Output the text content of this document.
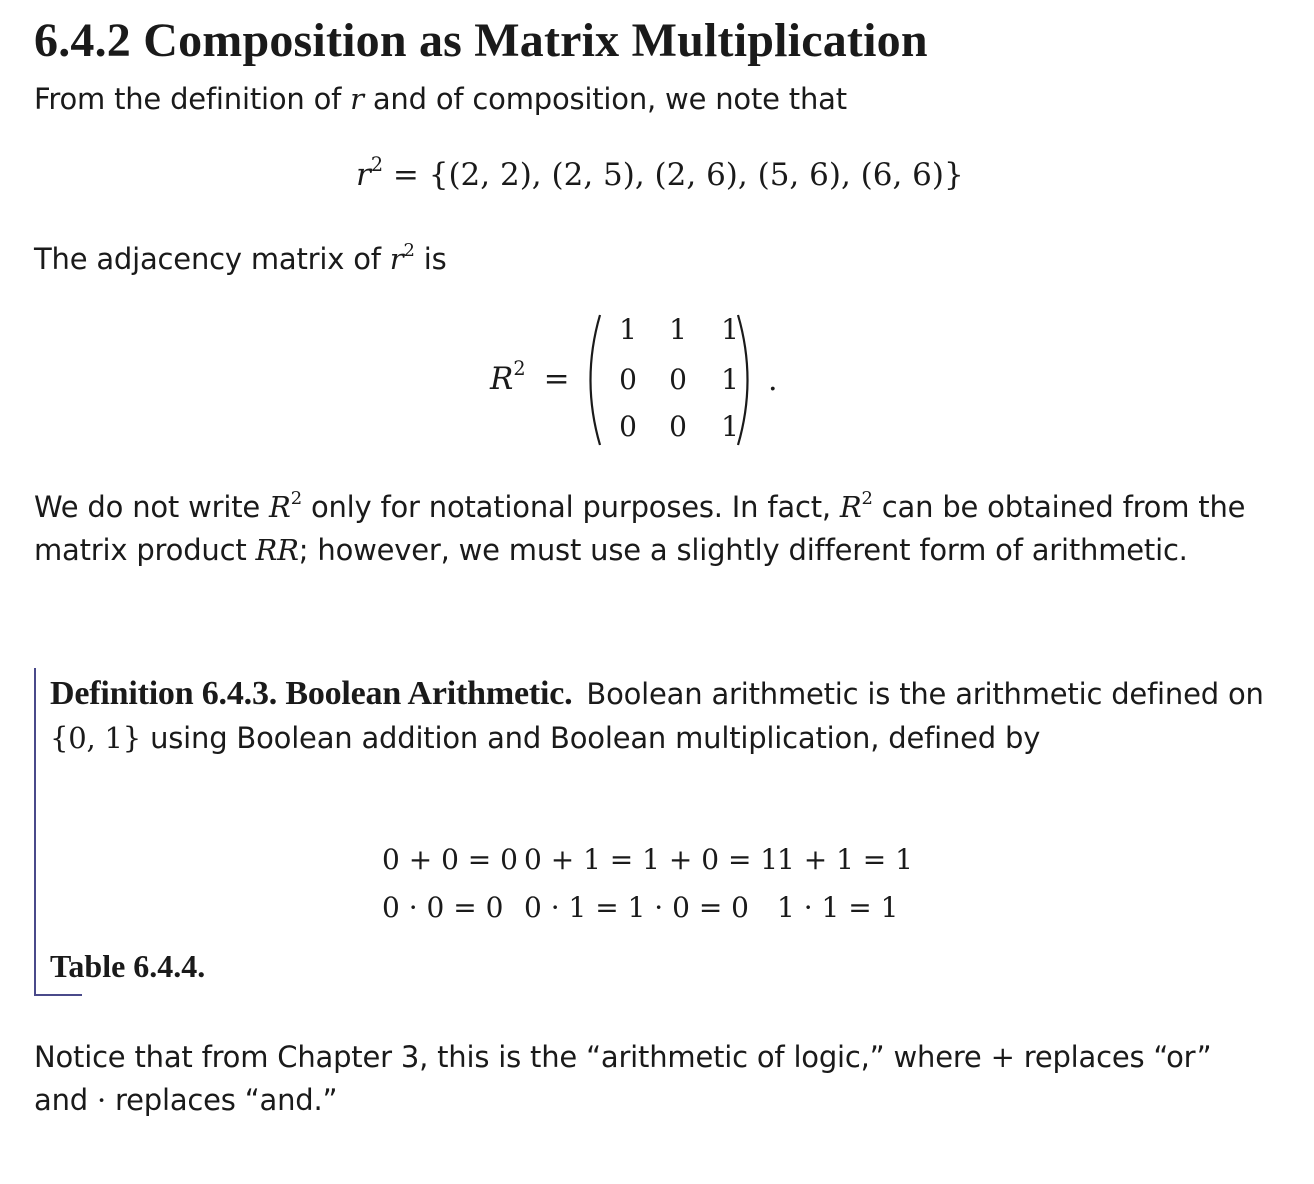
6.4.2 Composition as Matrix Multiplication

From the definition of r and of composition, we note that

$r^2 = \{(2$, 2), (2, 5), (2, 6), (5, 6), (6, 6)}

The adjacency matrix of $r^2$ is

$R^2$ =
1 1 1
0 0 1
0 0 1
.

We do not write $R^2$ only for notational purposes. In fact, $R^2$ can be obtained from the matrix product RR; however, we must use a slightly different form of arithmetic.

Definition 6.4.3. Boolean Arithmetic. Boolean arithmetic is the arithmetic defined on {0, 1} using Boolean addition and Boolean multiplication, defined by

0 + 0 = 0 0 + 1 = 1 + 0 = 1
1 + 1 = 1
0 · 0 = 0 0 · 1 = 1 · 0 = 0 1 · 1 = 1

Table 6.4.4.

Notice that from Chapter 3, this is the “arithmetic of logic,” where + replaces “or” and · replaces “and.”
